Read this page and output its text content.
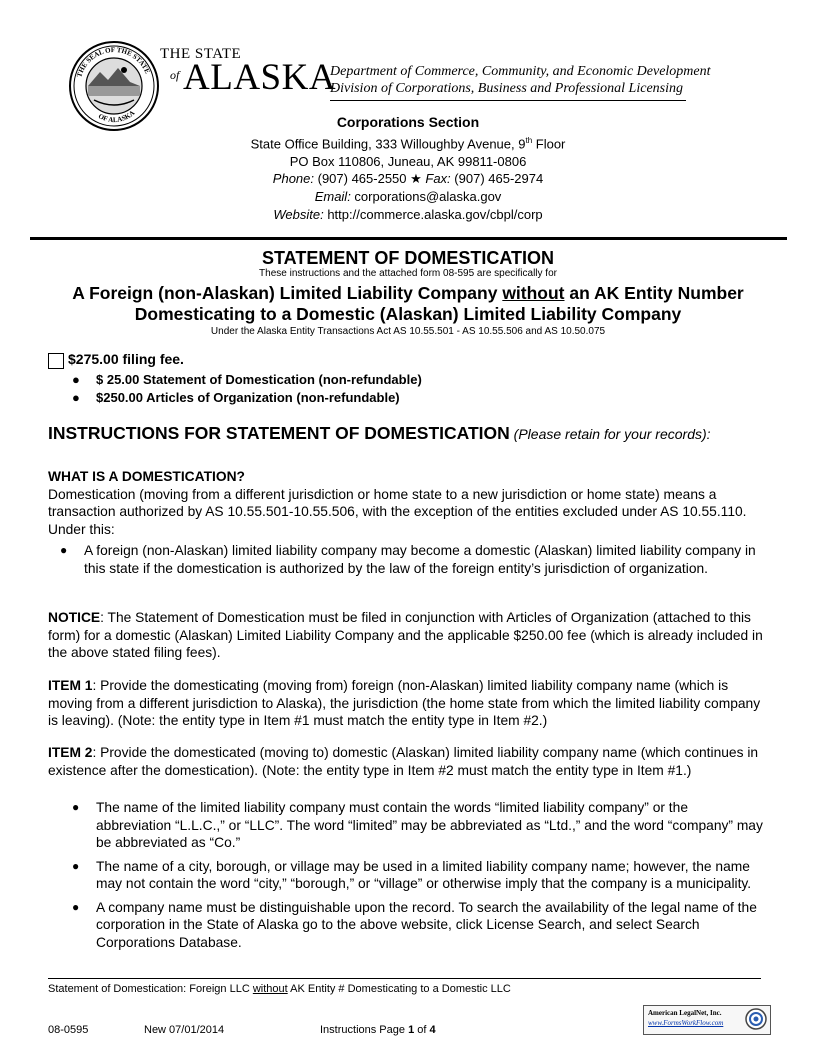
THE SEAL OF THE STATE
OF ALASKA
THE STATE
of ALASKA
Department of Commerce, Community, and Economic Development
Division of Corporations, Business and Professional Licensing
Corporations Section
State Office Building, 333 Willoughby Avenue, 9th Floor
PO Box 110806, Juneau, AK 99811-0806
Phone: (907) 465-2550 ★ Fax: (907) 465-2974
Email: corporations@alaska.gov
Website: http://commerce.alaska.gov/cbpl/corp
STATEMENT OF DOMESTICATION
These instructions and the attached form 08-595 are specifically for
A Foreign (non-Alaskan) Limited Liability Company without an AK Entity Number
Domesticating to a Domestic (Alaskan) Limited Liability Company
Under the Alaska Entity Transactions Act AS 10.55.501 - AS 10.55.506 and AS 10.50.075
$275.00 filing fee.
● $ 25.00 Statement of Domestication (non-refundable)
● $250.00 Articles of Organization (non-refundable)
INSTRUCTIONS FOR STATEMENT OF DOMESTICATION (Please retain for your records):
WHAT IS A DOMESTICATION?
Domestication (moving from a different jurisdiction or home state to a new jurisdiction or home state) means a transaction authorized by AS 10.55.501-10.55.506, with the exception of the entities excluded under AS 10.55.110. Under this:
●	A foreign (non-Alaskan) limited liability company may become a domestic (Alaskan) limited liability company in this state if the domestication is authorized by the law of the foreign entity’s jurisdiction of organization.
NOTICE: The Statement of Domestication must be filed in conjunction with Articles of Organization (attached to this form) for a domestic (Alaskan) Limited Liability Company and the applicable $250.00 fee (which is already included in the above stated filing fees).
ITEM 1: Provide the domesticating (moving from) foreign (non-Alaskan) limited liability company name (which is moving from a different jurisdiction to Alaska), the jurisdiction (the home state from which the limited liability company is leaving). (Note: the entity type in Item #1 must match the entity type in Item #2.)
ITEM 2: Provide the domesticated (moving to) domestic (Alaskan) limited liability company name (which continues in existence after the domestication). (Note: the entity type in Item #2 must match the entity type in Item #1.)
●	The name of the limited liability company must contain the words “limited liability company” or the abbreviation “L.L.C.,” or “LLC”. The word “limited” may be abbreviated as “Ltd.,” and the word “company” may be abbreviated as “Co.”
●	The name of a city, borough, or village may be used in a limited liability company name; however, the name may not contain the word “city,” “borough,” or “village” or otherwise imply that the company is a municipality.
●	A company name must be distinguishable upon the record. To search the availability of the legal name of the corporation in the State of Alaska go to the above website, click License Search, and select Search Corporations Database.
Statement of Domestication: Foreign LLC without AK Entity # Domesticating to a Domestic LLC
08-0595	New 07/01/2014	Instructions Page 1 of 4
American LegalNet, Inc.
www.FormsWorkFlow.com
